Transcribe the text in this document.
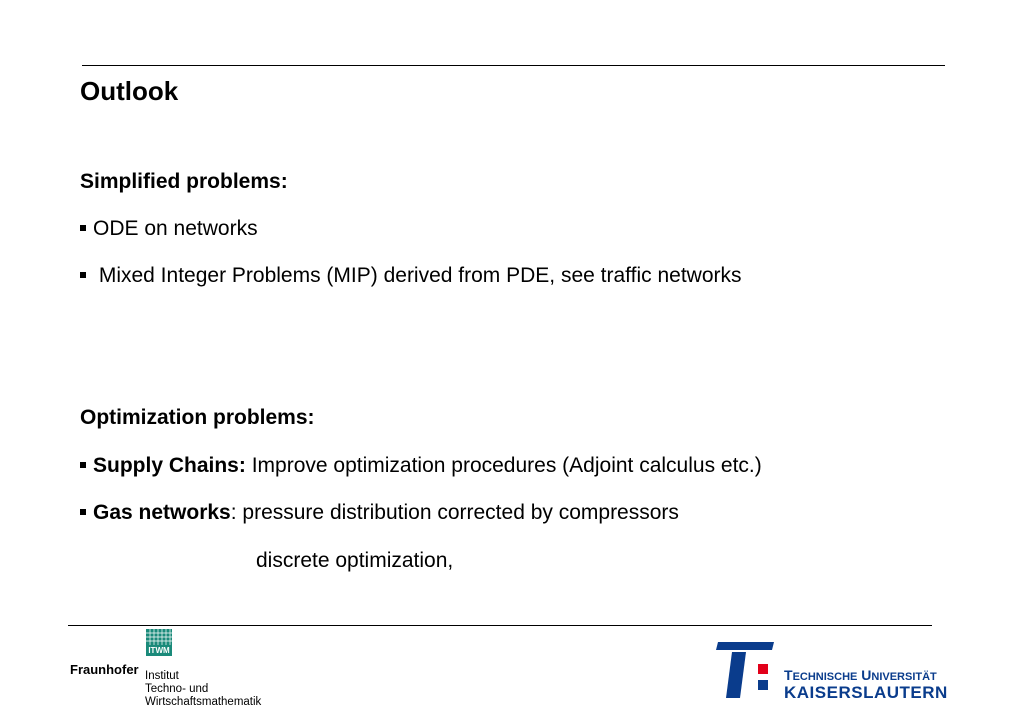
Outlook
Simplified problems:
ODE on networks
Mixed Integer Problems (MIP) derived from PDE, see traffic networks
Optimization problems:
Supply Chains: Improve optimization procedures (Adjoint calculus etc.)
Gas networks: pressure distribution corrected by compressors
discrete optimization,
ITWM
Fraunhofer Institut
Techno- und
Wirtschaftsmathematik
TECHNISCHE UNIVERSITÄT
KAISERSLAUTERN
